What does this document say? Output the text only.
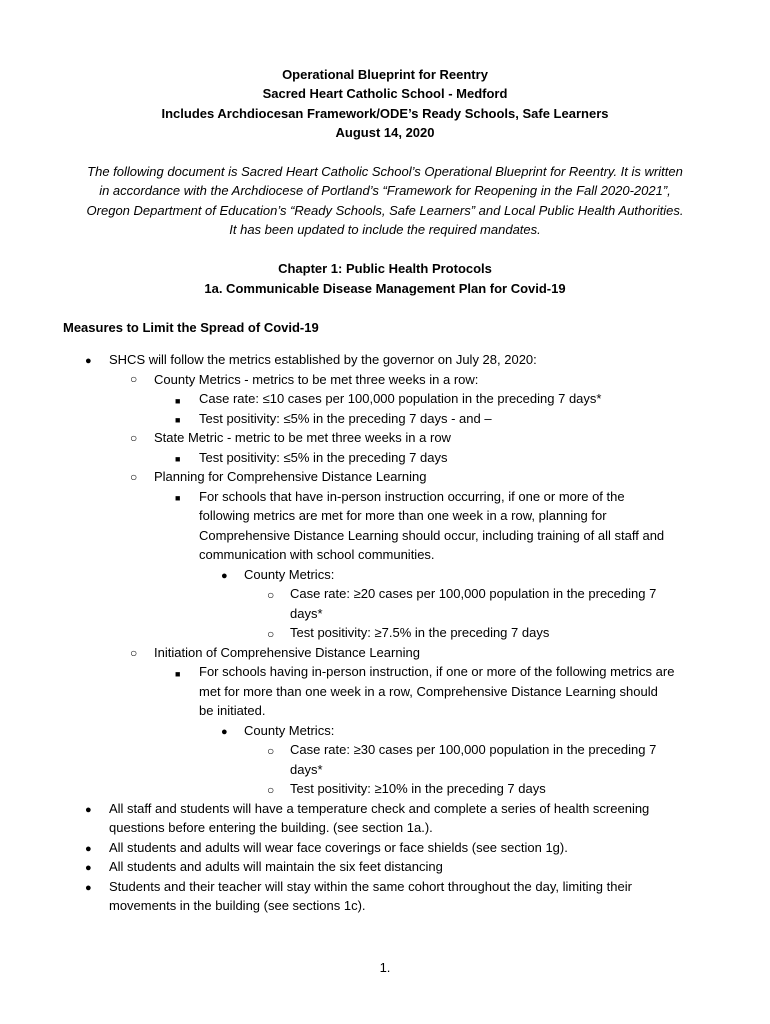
Operational Blueprint for Reentry
Sacred Heart Catholic School - Medford
Includes Archdiocesan Framework/ODE’s Ready Schools, Safe Learners
August 14, 2020
The following document is Sacred Heart Catholic School’s Operational Blueprint for Reentry. It is written
in accordance with the Archdiocese of Portland’s “Framework for Reopening in the Fall 2020-2021”,
Oregon Department of Education’s “Ready Schools, Safe Learners” and Local Public Health Authorities.
It has been updated to include the required mandates.
Chapter 1: Public Health Protocols
1a. Communicable Disease Management Plan for Covid-19
Measures to Limit the Spread of Covid-19
● SHCS will follow the metrics established by the governor on July 28, 2020:
○ County Metrics - metrics to be met three weeks in a row:
■ Case rate: ≤10 cases per 100,000 population in the preceding 7 days*
■ Test positivity: ≤5% in the preceding 7 days - and –
○ State Metric - metric to be met three weeks in a row
■ Test positivity: ≤5% in the preceding 7 days
○ Planning for Comprehensive Distance Learning
■ For schools that have in-person instruction occurring, if one or more of the
following metrics are met for more than one week in a row, planning for
Comprehensive Distance Learning should occur, including training of all staff and
communication with school communities.
● County Metrics:
○ Case rate: ≥20 cases per 100,000 population in the preceding 7
days*
○ Test positivity: ≥7.5% in the preceding 7 days
○ Initiation of Comprehensive Distance Learning
■ For schools having in-person instruction, if one or more of the following metrics are
met for more than one week in a row, Comprehensive Distance Learning should
be initiated.
● County Metrics:
○ Case rate: ≥30 cases per 100,000 population in the preceding 7
days*
○ Test positivity: ≥10% in the preceding 7 days
● All staff and students will have a temperature check and complete a series of health screening
questions before entering the building. (see section 1a.).
● All students and adults will wear face coverings or face shields (see section 1g).
● All students and adults will maintain the six feet distancing
● Students and their teacher will stay within the same cohort throughout the day, limiting their
movements in the building (see sections 1c).
1.
